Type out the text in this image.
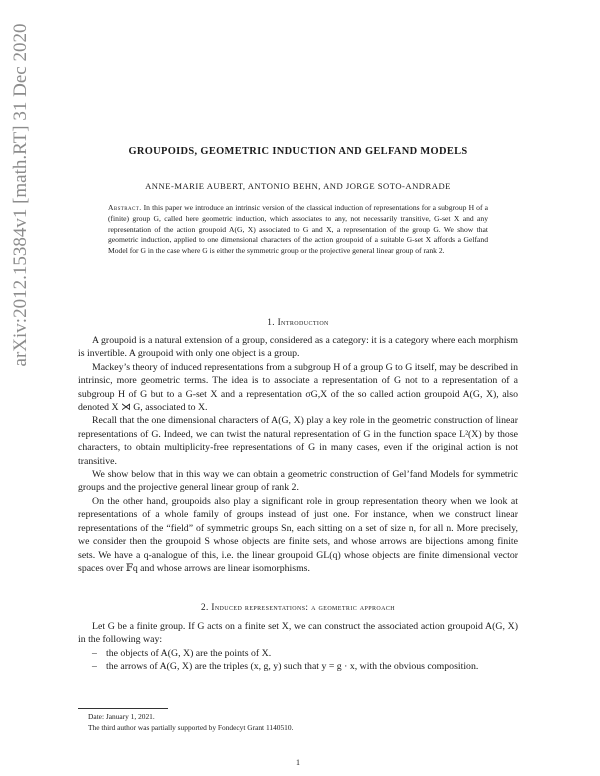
arXiv:2012.15384v1 [math.RT] 31 Dec 2020	GROUPOIDS, GEOMETRIC INDUCTION AND GELFAND MODELS
ANNE-MARIE AUBERT, ANTONIO BEHN, AND JORGE SOTO-ANDRADE
Abstract. In this paper we introduce an intrinsic version of the classical induction of representations for a subgroup H of a (finite) group G, called here geometric induction, which associates to any, not necessarily transitive, G-set X and any representation of the action groupoid A(G, X) associated to G and X, a representation of the group G. We show that geometric induction, applied to one dimensional characters of the action groupoid of a suitable G-set X affords a Gelfand Model for G in the case where G is either the symmetric group or the projective general linear group of rank 2.
1. Introduction

A groupoid is a natural extension of a group, considered as a category: it is a category where each morphism is invertible. A groupoid with only one object is a group.

Mackey’s theory of induced representations from a subgroup H of a group G to G itself, may be described in intrinsic, more geometric terms. The idea is to associate a representation of G not to a representation of a subgroup H of G but to a G-set X and a representation σG,X of the so called action groupoid A(G, X), also denoted X ⋊ G, associated to X.

Recall that the one dimensional characters of A(G, X) play a key role in the geometric construction of linear representations of G. Indeed, we can twist the natural representation of G in the function space L²(X) by those characters, to obtain multiplicity-free representations of G in many cases, even if the original action is not transitive.

We show below that in this way we can obtain a geometric construction of Gel’fand Models for symmetric groups and the projective general linear group of rank 2.

On the other hand, groupoids also play a significant role in group representation theory when we look at representations of a whole family of groups instead of just one. For instance, when we construct linear representations of the “field” of symmetric groups Sn, each sitting on a set of size n, for all n. More precisely, we consider then the groupoid S whose objects are finite sets, and whose arrows are bijections among finite sets. We have a q-analogue of this, i.e. the linear groupoid GL(q) whose objects are finite dimensional vector spaces over 𝔽q and whose arrows are linear isomorphisms.

2. Induced representations: a geometric approach

Let G be a finite group. If G acts on a finite set X, we can construct the associated action groupoid A(G, X) in the following way:

– the objects of A(G, X) are the points of X.
– the arrows of A(G, X) are the triples (x, g, y) such that y = g · x, with the obvious composition.
Date: January 1, 2021.
The third author was partially supported by Fondecyt Grant 1140510.
1
